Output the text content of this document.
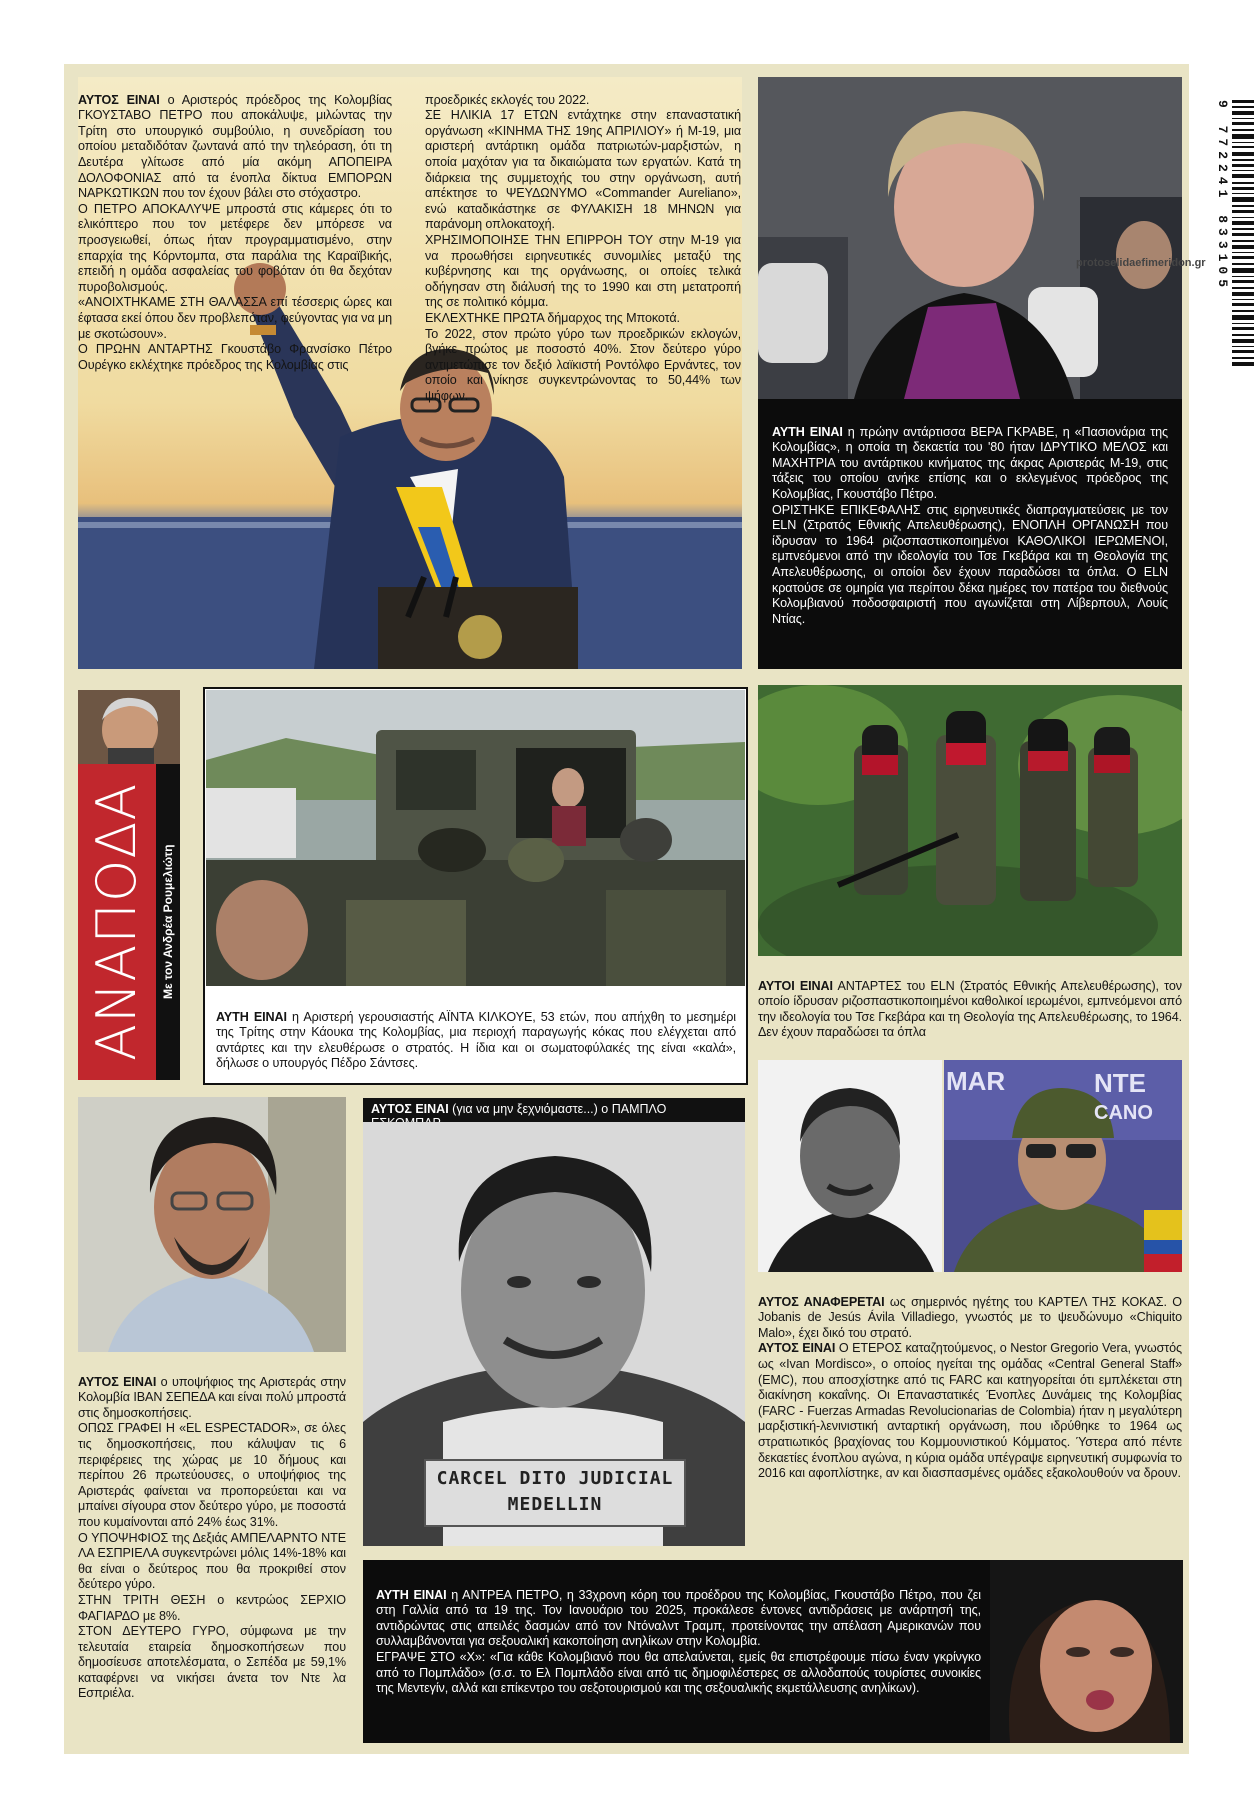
9 772241 833105

ΑΥΤΟΣ ΕΙΝΑΙ ο Αριστερός πρόεδρος της Κολομβίας ΓΚΟΥΣΤΑΒΟ ΠΕΤΡΟ που αποκάλυψε, μιλώντας την Τρίτη στο υπουργικό συμβούλιο, η συνεδρίαση του οποίου μεταδιδόταν ζωντανά από την τηλεόραση, ότι τη Δευτέρα γλίτωσε από μία ακόμη ΑΠΟΠΕΙΡΑ ΔΟΛΟΦΟΝΙΑΣ από τα ένοπλα δίκτυα ΕΜΠΟΡΩΝ ΝΑΡΚΩΤΙΚΩΝ που τον έχουν βάλει στο στόχαστρο.
Ο ΠΕΤΡΟ ΑΠΟΚΑΛΥΨΕ μπροστά στις κάμερες ότι το ελικόπτερο που τον μετέφερε δεν μπόρεσε να προσγειωθεί, όπως ήταν προγραμματισμένο, στην επαρχία της Κόρντομπα, στα παράλια της Καραϊβικής, επειδή η ομάδα ασφαλείας του φοβόταν ότι θα δεχόταν πυροβολισμούς.
«ΑΝΟΙΧΤΗΚΑΜΕ ΣΤΗ ΘΑΛΑΣΣΑ επί τέσσερις ώρες και έφτασα εκεί όπου δεν προβλεπόταν, φεύγοντας για να μη με σκοτώσουν».
Ο ΠΡΩΗΝ ΑΝΤΑΡΤΗΣ Γκουστάβο Φρανσίσκο Πέτρο Ουρέγκο εκλέχτηκε πρόεδρος της Κολομβίας στις

προεδρικές εκλογές του 2022.
ΣΕ ΗΛΙΚΙΑ 17 ΕΤΩΝ εντάχτηκε στην επαναστατική οργάνωση «ΚΙΝΗΜΑ ΤΗΣ 19ης ΑΠΡΙΛΙΟΥ» ή Μ-19, μια αριστερή αντάρτικη ομάδα πατριωτών-μαρξιστών, η οποία μαχόταν για τα δικαιώματα των εργατών. Κατά τη διάρκεια της συμμετοχής του στην οργάνωση, αυτή απέκτησε το ΨΕΥΔΩΝΥΜΟ «Commander Aureliano», ενώ καταδικάστηκε σε ΦΥΛΑΚΙΣΗ 18 ΜΗΝΩΝ για παράνομη οπλοκατοχή.
ΧΡΗΣΙΜΟΠΟΙΗΣΕ ΤΗΝ ΕΠΙΡΡΟΗ ΤΟΥ στην Μ-19 για να προωθήσει ειρηνευτικές συνομιλίες μεταξύ της κυβέρνησης και της οργάνωσης, οι οποίες τελικά οδήγησαν στη διάλυσή της το 1990 και στη μετατροπή της σε πολιτικό κόμμα.
ΕΚΛΕΧΤΗΚΕ ΠΡΩΤΑ δήμαρχος της Μποκοτά.
Το 2022, στον πρώτο γύρο των προεδρικών εκλογών, βγήκε πρώτος με ποσοστό 40%. Στον δεύτερο γύρο αντιμετώπισε τον δεξιό λαϊκιστή Ροντόλφο Ερνάντες, τον οποίο και νίκησε συγκεντρώνοντας το 50,44% των ψήφων.

protoselidaefimeridon.gr

ΑΥΤΗ ΕΙΝΑΙ η πρώην αντάρτισσα ΒΕΡΑ ΓΚΡΑΒΕ, η «Πασιονάρια της Κολομβίας», η οποία τη δεκαετία του '80 ήταν ΙΔΡΥΤΙΚΟ ΜΕΛΟΣ και ΜΑΧΗΤΡΙΑ του αντάρτικου κινήματος της άκρας Αριστεράς Μ-19, στις τάξεις του οποίου ανήκε επίσης και ο εκλεγμένος πρόεδρος της Κολομβίας, Γκουστάβο Πέτρο.
ΟΡΙΣΤΗΚΕ ΕΠΙΚΕΦΑΛΗΣ στις ειρηνευτικές διαπραγματεύσεις με τον ELN (Στρατός Εθνικής Απελευθέρωσης), ΕΝΟΠΛΗ ΟΡΓΑΝΩΣΗ που ίδρυσαν το 1964 ριζοσπαστικοποιημένοι ΚΑΘΟΛΙΚΟΙ ΙΕΡΩΜΕΝΟΙ, εμπνεόμενοι από την ιδεολογία του Τσε Γκεβάρα και τη Θεολογία της Απελευθέρωσης, οι οποίοι δεν έχουν παραδώσει τα όπλα. Ο ELN κρατούσε σε ομηρία για περίπου δέκα ημέρες τον πατέρα του διεθνούς Κολομβιανού ποδοσφαιριστή που αγωνίζεται στη Λίβερπουλ, Λουίς Ντίας.

ΑΝΑΠΟΔΑ	Με τον Ανδρέα Ρουμελιώτη

ΑΥΤΗ ΕΙΝΑΙ η Αριστερή γερουσιαστής ΑΪΝΤΑ ΚΙΛΚΟΥΕ, 53 ετών, που απήχθη το μεσημέρι της Τρίτης στην Κάουκα της Κολομβίας, μια περιοχή παραγωγής κόκας που ελέγχεται από αντάρτες και την ελευθέρωσε ο στρατός. Η ίδια και οι σωματοφύλακές της είναι «καλά», δήλωσε ο υπουργός Πέδρο Σάντσες.

ΑΥΤΟΙ ΕΙΝΑΙ ΑΝΤΑΡΤΕΣ του ELN (Στρατός Εθνικής Απελευθέρωσης), τον οποίο ίδρυσαν ριζοσπαστικοποιημένοι καθολικοί ιερωμένοι, εμπνεόμενοι από την ιδεολογία του Τσε Γκεβάρα και τη Θεολογία της Απελευθέρωσης, το 1964. Δεν έχουν παραδώσει τα όπλα

ΑΥΤΟΣ ΕΙΝΑΙ ο υποψήφιος της Αριστεράς στην Κολομβία ΙΒΑΝ ΣΕΠΕΔΑ και είναι πολύ μπροστά στις δημοσκοπήσεις.
ΟΠΩΣ ΓΡΑΦΕΙ Η «EL ESPECTADOR», σε όλες τις δημοσκοπήσεις, που κάλυψαν τις 6 περιφέρειες της χώρας με 10 δήμους και περίπου 26 πρωτεύουσες, ο υποψήφιος της Αριστεράς φαίνεται να προπορεύεται και να μπαίνει σίγουρα στον δεύτερο γύρο, με ποσοστά που κυμαίνονται από 24% έως 31%.
Ο ΥΠΟΨΗΦΙΟΣ της Δεξιάς ΑΜΠΕΛΑΡΝΤΟ ΝΤΕ ΛΑ ΕΣΠΡΙΕΛΑ συγκεντρώνει μόλις 14%-18% και θα είναι ο δεύτερος που θα προκριθεί στον δεύτερο γύρο.
ΣΤΗΝ ΤΡΙΤΗ ΘΕΣΗ ο κεντρώος ΣΕΡΧΙΟ ΦΑΓΙΑΡΔΟ με 8%.
ΣΤΟΝ ΔΕΥΤΕΡΟ ΓΥΡΟ, σύμφωνα με την τελευταία εταιρεία δημοσκοπήσεων που δημοσίευσε αποτελέσματα, ο Σεπέδα με 59,1% καταφέρνει να νικήσει άνετα τον Ντε λα Εσπριέλα.

ΑΥΤΟΣ ΕΙΝΑΙ (για να μην ξεχνιόμαστε...) ο ΠΑΜΠΛΟ
CARCEL DITO JUDICIAL
MEDELLIN
MAR	NTE
CANO

ΑΥΤΟΣ ΑΝΑΦΕΡΕΤΑΙ ως σημερινός ηγέτης του ΚΑΡΤΕΛ ΤΗΣ ΚΟΚΑΣ. Ο Jobanis de Jesús Ávila Villadiego, γνωστός με το ψευδώνυμο «Chiquito Malo», έχει δικό του στρατό.
ΑΥΤΟΣ ΕΙΝΑΙ Ο ΕΤΕΡΟΣ καταζητούμενος, ο Nestor Gregorio Vera, γνωστός ως «Ivan Mordisco», ο οποίος ηγείται της ομάδας «Central General Staff» (EMC), που αποσχίστηκε από τις FARC και κατηγορείται ότι εμπλέκεται στη διακίνηση κοκαΐνης. Οι Επαναστατικές Ένοπλες Δυνάμεις της Κολομβίας (FARC - Fuerzas Armadas Revolucionarias de Colombia) ήταν η μεγαλύτερη μαρξιστική-λενινιστική ανταρτική οργάνωση, που ιδρύθηκε το 1964 ως στρατιωτικός βραχίονας του Κομμουνιστικού Κόμματος. Ύστερα από πέντε δεκαετίες ένοπλου αγώνα, η κύρια ομάδα υπέγραψε ειρηνευτική συμφωνία το 2016 και αφοπλίστηκε, αν και διασπασμένες ομάδες εξακολουθούν να δρουν.

ΑΥΤΗ ΕΙΝΑΙ η ΑΝΤΡΕΑ ΠΕΤΡΟ, η 33χρονη κόρη του προέδρου της Κολομβίας, Γκουστάβο Πέτρο, που ζει στη Γαλλία από τα 19 της. Τον Ιανουάριο του 2025, προκάλεσε έντονες αντιδράσεις με ανάρτησή της, αντιδρώντας στις απειλές δασμών από τον Ντόναλντ Τραμπ, προτείνοντας την απέλαση Αμερικανών που συλλαμβάνονται για σεξουαλική κακοποίηση ανηλίκων στην Κολομβία.
ΕΓΡΑΨΕ ΣΤΟ «Χ»: «Για κάθε Κολομβιανό που θα απελαύνεται, εμείς θα επιστρέφουμε πίσω έναν γκρίνγκο από το Πομπλάδο» (σ.σ. το Ελ Πομπλάδο είναι από τις δημοφιλέστερες σε αλλοδαπούς τουρίστες συνοικίες της Μεντεγίν, αλλά και επίκεντρο του σεξοτουρισμού και της σεξουαλικής εκμετάλλευσης ανηλίκων).
